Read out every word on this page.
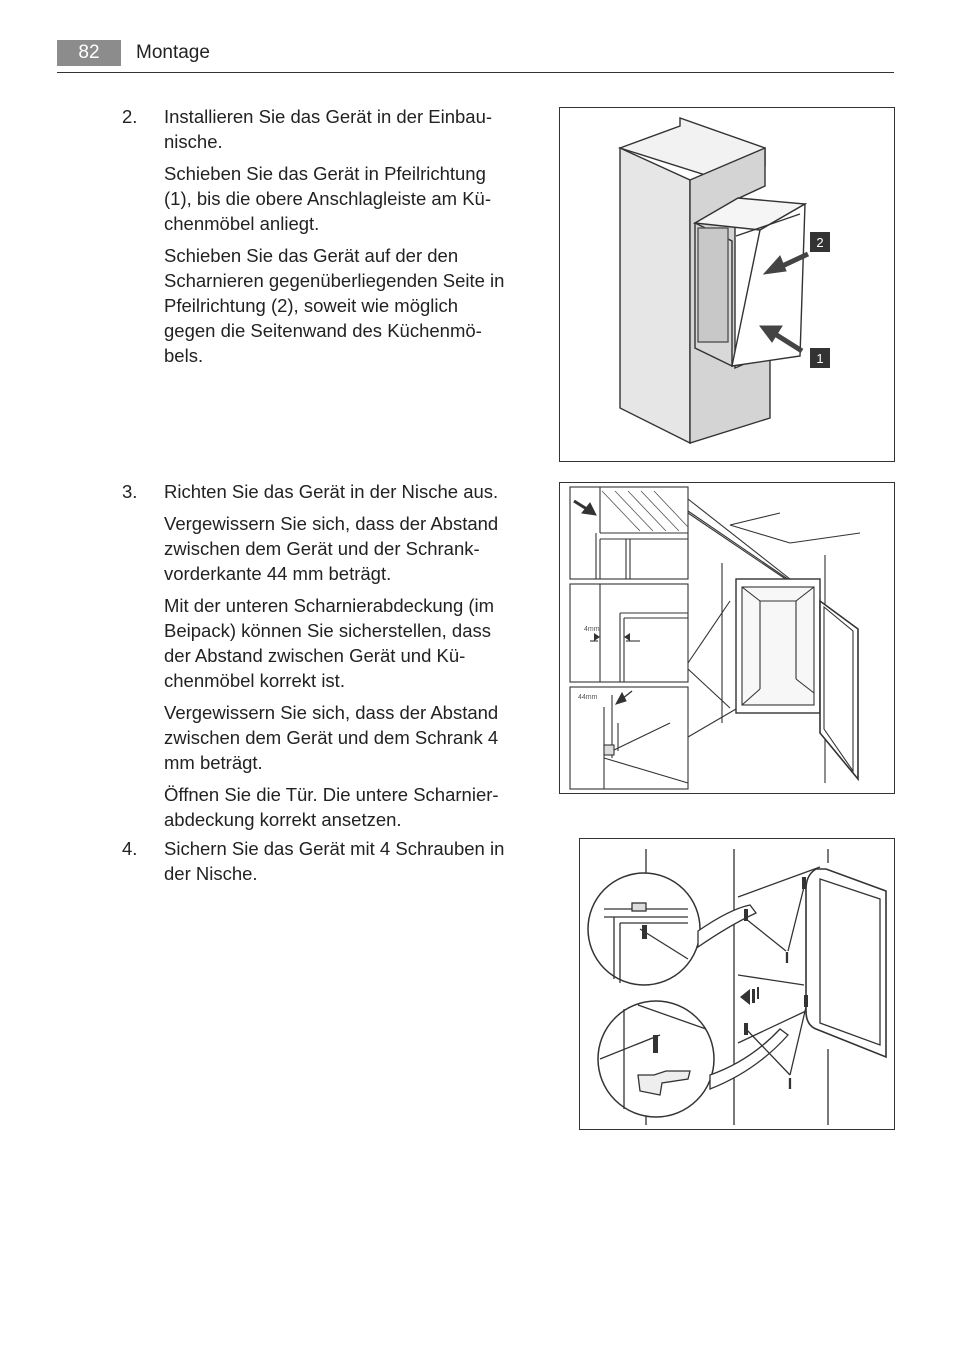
82	Montage
2.	Installieren Sie das Gerät in der Einbau-nische.

Schieben Sie das Gerät in Pfeilrichtung (1), bis die obere Anschlagleiste am Kü-chenmöbel anliegt.

Schieben Sie das Gerät auf der den Scharnieren gegenüberliegenden Seite in Pfeilrichtung (2), soweit wie möglich gegen die Seitenwand des Küchenmö-bels.

3.	Richten Sie das Gerät in der Nische aus.

Vergewissern Sie sich, dass der Abstand zwischen dem Gerät und der Schrank-vorderkante 44 mm beträgt.

Mit der unteren Scharnierabdeckung (im Beipack) können Sie sicherstellen, dass der Abstand zwischen Gerät und Kü-chenmöbel korrekt ist.

Vergewissern Sie sich, dass der Abstand zwischen dem Gerät und dem Schrank 4 mm beträgt.

Öffnen Sie die Tür. Die untere Scharnier-abdeckung korrekt ansetzen.

4.	Sichern Sie das Gerät mit 4 Schrauben in der Nische.

2
1
4mm
44mm
I
I
